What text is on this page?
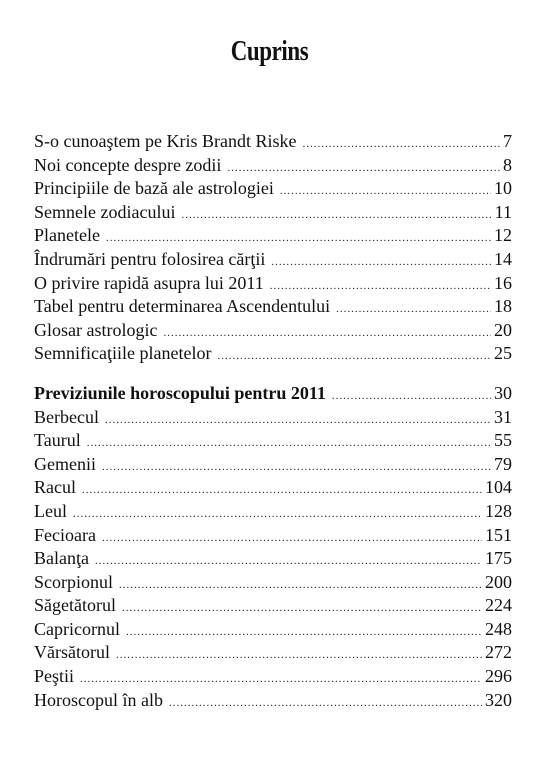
Cuprins
S-o cunoaştem pe Kris Brandt Riske .....	7
Noi concepte despre zodii .....	8
Principiile de bază ale astrologiei .....	10
Semnele zodiacului .....	11
Planetele .....	12
Îndrumări pentru folosirea cărţii .....	14
O privire rapidă asupra lui 2011 .....	16
Tabel pentru determinarea Ascendentului .....	18
Glosar astrologic .....	20
Semnificaţiile planetelor .....	25
Previziunile horoscopului pentru 2011 .....	30
Berbecul .....	31
Taurul .....	55
Gemenii .....	79
Racul .....	104
Leul .....	128
Fecioara .....	151
Balanţa .....	175
Scorpionul .....	200
Săgetătorul .....	224
Capricornul .....	248
Vărsătorul .....	272
Peştii .....	296
Horoscopul în alb .....	320
